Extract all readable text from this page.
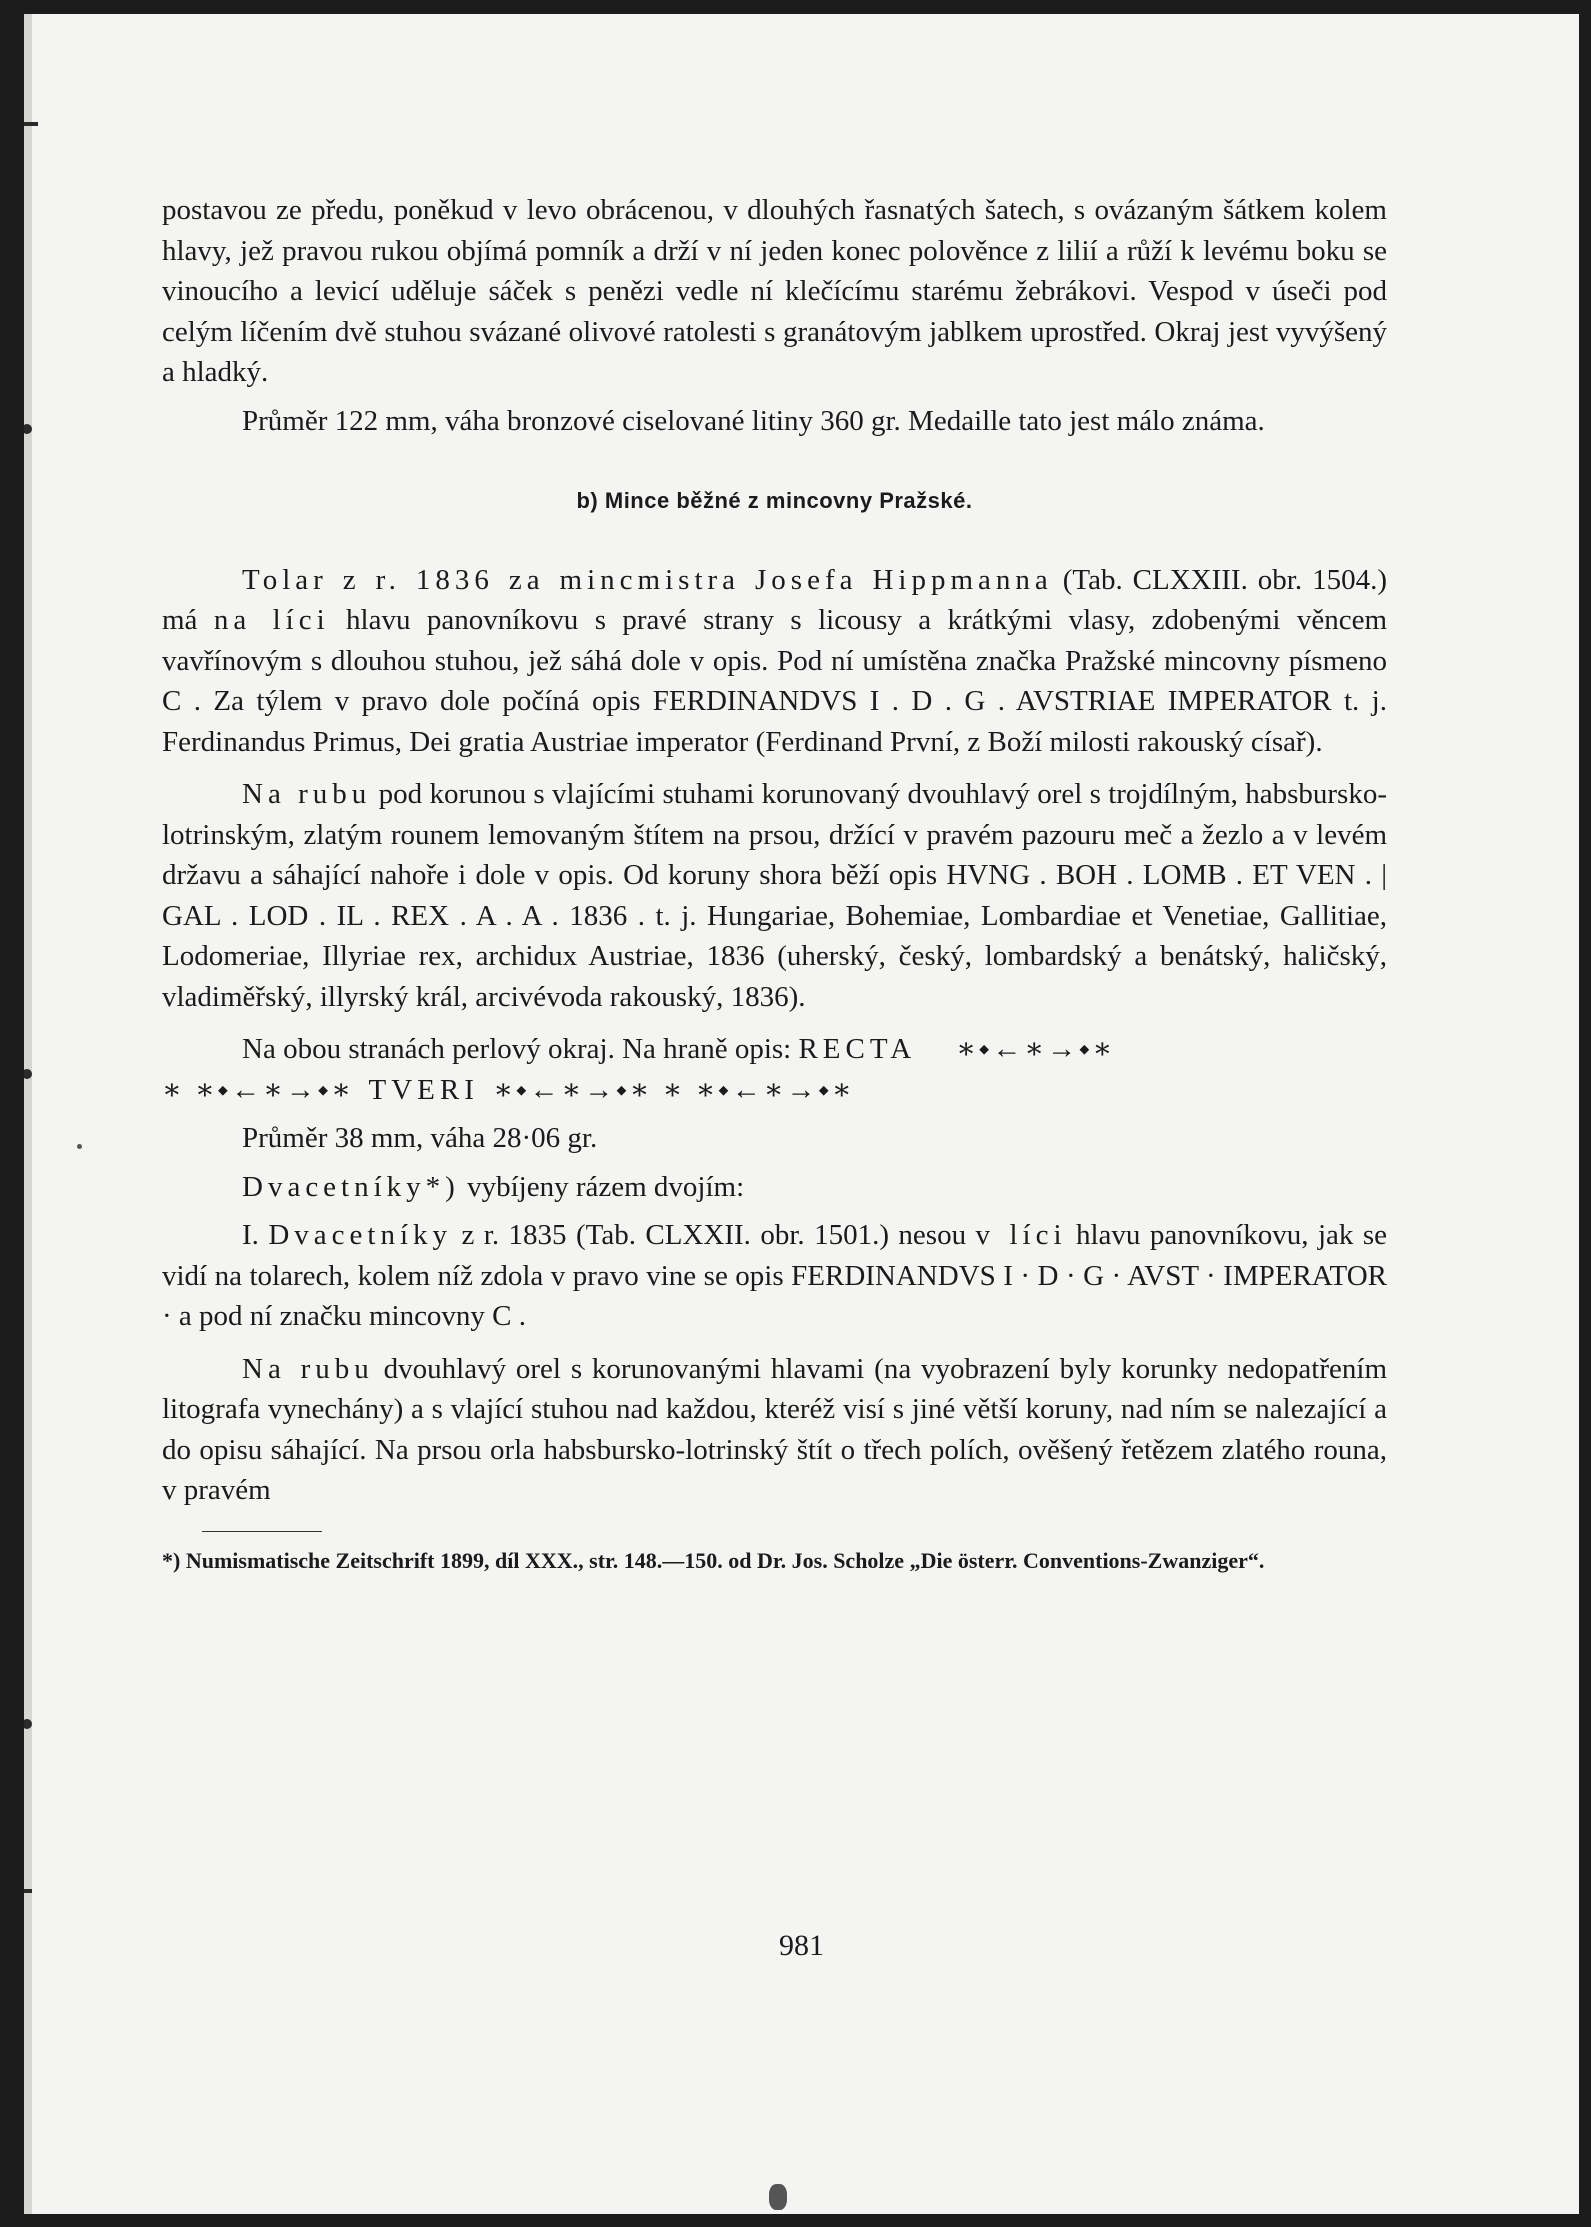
postavou ze předu, poněkud v levo obrácenou, v dlouhých řasnatých šatech, s ovázaným šátkem kolem hlavy, jež pravou rukou objímá pomník a drží v ní jeden konec polověnce z lilií a růží k levému boku se vinoucího a levicí uděluje sáček s penězi vedle ní klečícímu starému žebrákovi. Vespod v úseči pod celým líčením dvě stuhou svázané olivové ratolesti s granátovým jablkem uprostřed. Okraj jest vyvýšený a hladký.

Průměr 122 mm, váha bronzové ciselované litiny 360 gr. Medaille tato jest málo známa.

b) Mince běžné z mincovny Pražské.

Tolar z r. 1836 za mincmistra Josefa Hippmanna (Tab. CLXXIII. obr. 1504.) má na líci hlavu panovníkovu s pravé strany s licousy a krátkými vlasy, zdobenými věncem vavřínovým s dlouhou stuhou, jež sáhá dole v opis. Pod ní umístěna značka Pražské mincovny písmeno C . Za týlem v pravo dole počíná opis FERDINANDVS I . D . G . AVSTRIAE IMPERATOR t. j. Ferdinandus Primus, Dei gratia Austriae imperator (Ferdinand První, z Boží milosti rakouský císař).

Na rubu pod korunou s vlajícími stuhami korunovaný dvouhlavý orel s trojdílným, habsbursko-lotrinským, zlatým rounem lemovaným štítem na prsou, držící v pravém pazouru meč a žezlo a v levém državu a sáhající nahoře i dole v opis. Od koruny shora běží opis HVNG . BOH . LOMB . ET VEN . | GAL . LOD . IL . REX . A . A . 1836 . t. j. Hungariae, Bohemiae, Lombardiae et Venetiae, Gallitiae, Lodomeriae, Illyriae rex, archidux Austriae, 1836 (uherský, český, lombardský a benátský, haličský, vladiměřský, illyrský král, arcivévoda rakouský, 1836).

Na obou stranách perlový okraj. Na hraně opis: RECTA ∗⬩←∗→⬩∗

∗ ∗⬩←∗→⬩∗ TVERI ∗⬩←∗→⬩∗ ∗ ∗⬩←∗→⬩∗

Průměr 38 mm, váha 28·06 gr.

Dvacetníky*) vybíjeny rázem dvojím:

I. Dvacetníky z r. 1835 (Tab. CLXXII. obr. 1501.) nesou v líci hlavu panovníkovu, jak se vidí na tolarech, kolem níž zdola v pravo vine se opis FERDINANDVS I · D · G · AVST · IMPERATOR · a pod ní značku mincovny C .

Na rubu dvouhlavý orel s korunovanými hlavami (na vyobrazení byly korunky nedopatřením litografa vynechány) a s vlající stuhou nad každou, kteréž visí s jiné větší koruny, nad ním se nalezající a do opisu sáhající. Na prsou orla habsbursko-lotrinský štít o třech polích, ověšený řetězem zlatého rouna, v pravém

*) Numismatische Zeitschrift 1899, díl XXX., str. 148.—150. od Dr. Jos. Scholze „Die österr. Conventions-Zwanziger“.

981
